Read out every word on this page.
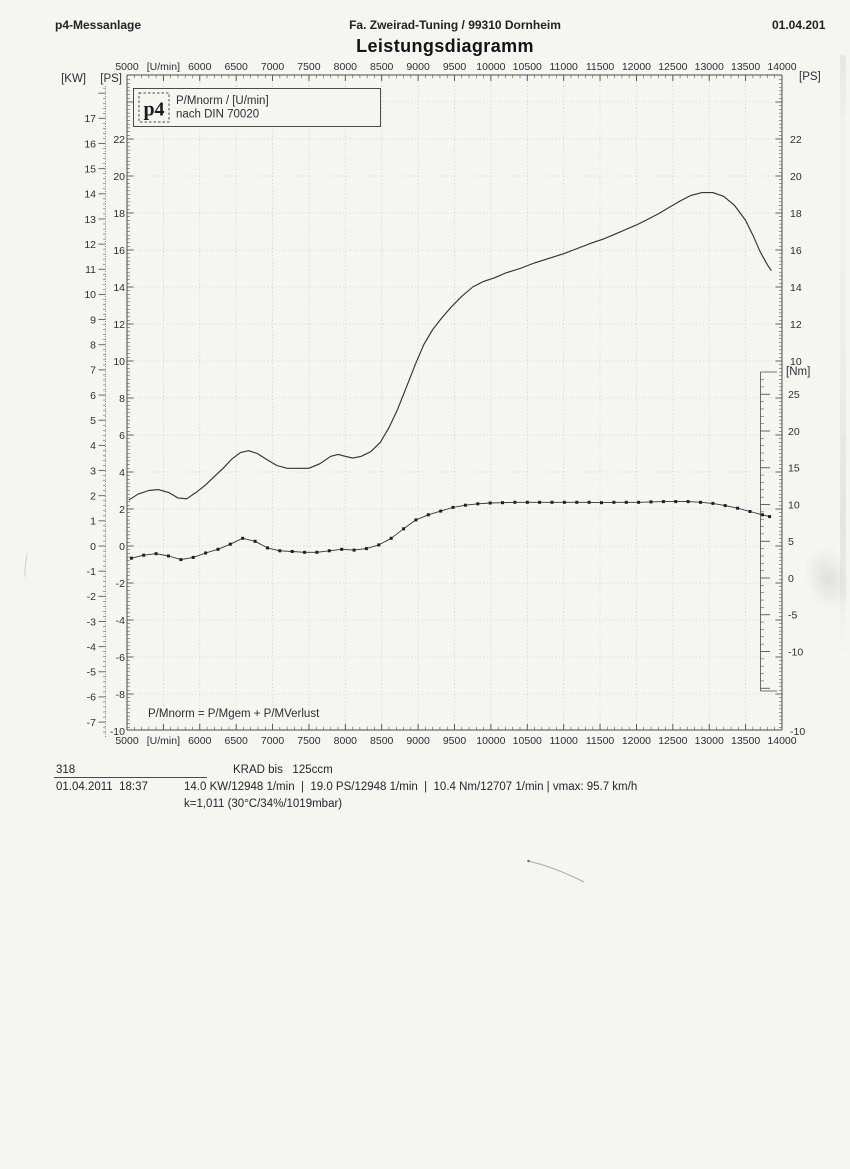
p4-Messanlage	Fa. Zweirad-Tuning / 99310 Dornheim	01.04.201
Leistungsdiagramm
5000
5000
[U/min]
[U/min]
6000
6000
6500
6500
7000
7000
7500
7500
8000
8000
8500
8500
9000
9000
9500
9500
10000
10000
10500
10500
11000
11000
11500
11500
12000
12000
12500
12500
13000
13000
13500
13500
14000
14000
17
16
15
14
13
12
11
10
9
8
7
6
5
4
3
2
1
0
-1
-2
-3
-4
-5
-6
-7
22
20
18
16
14
12
10
8
6
4
2
0
-2
-4
-6
-8
-10
22
20
18
16
14
12
10
-10
25
20
15
10
5
0
-5
-10
[KW] [PS]	[PS]
[Nm]
p4 P/Mnorm / [U/min]
nach DIN 70020
P/Mnorm = P/Mgem + P/MVerlust
318	KRAD bis   125ccm
01.04.2011  18:37	14.0 KW/12948 1/min  |  19.0 PS/12948 1/min  |  10.4 Nm/12707 1/min | vmax: 95.7 km/h
k=1,011 (30°C/34%/1019mbar)
